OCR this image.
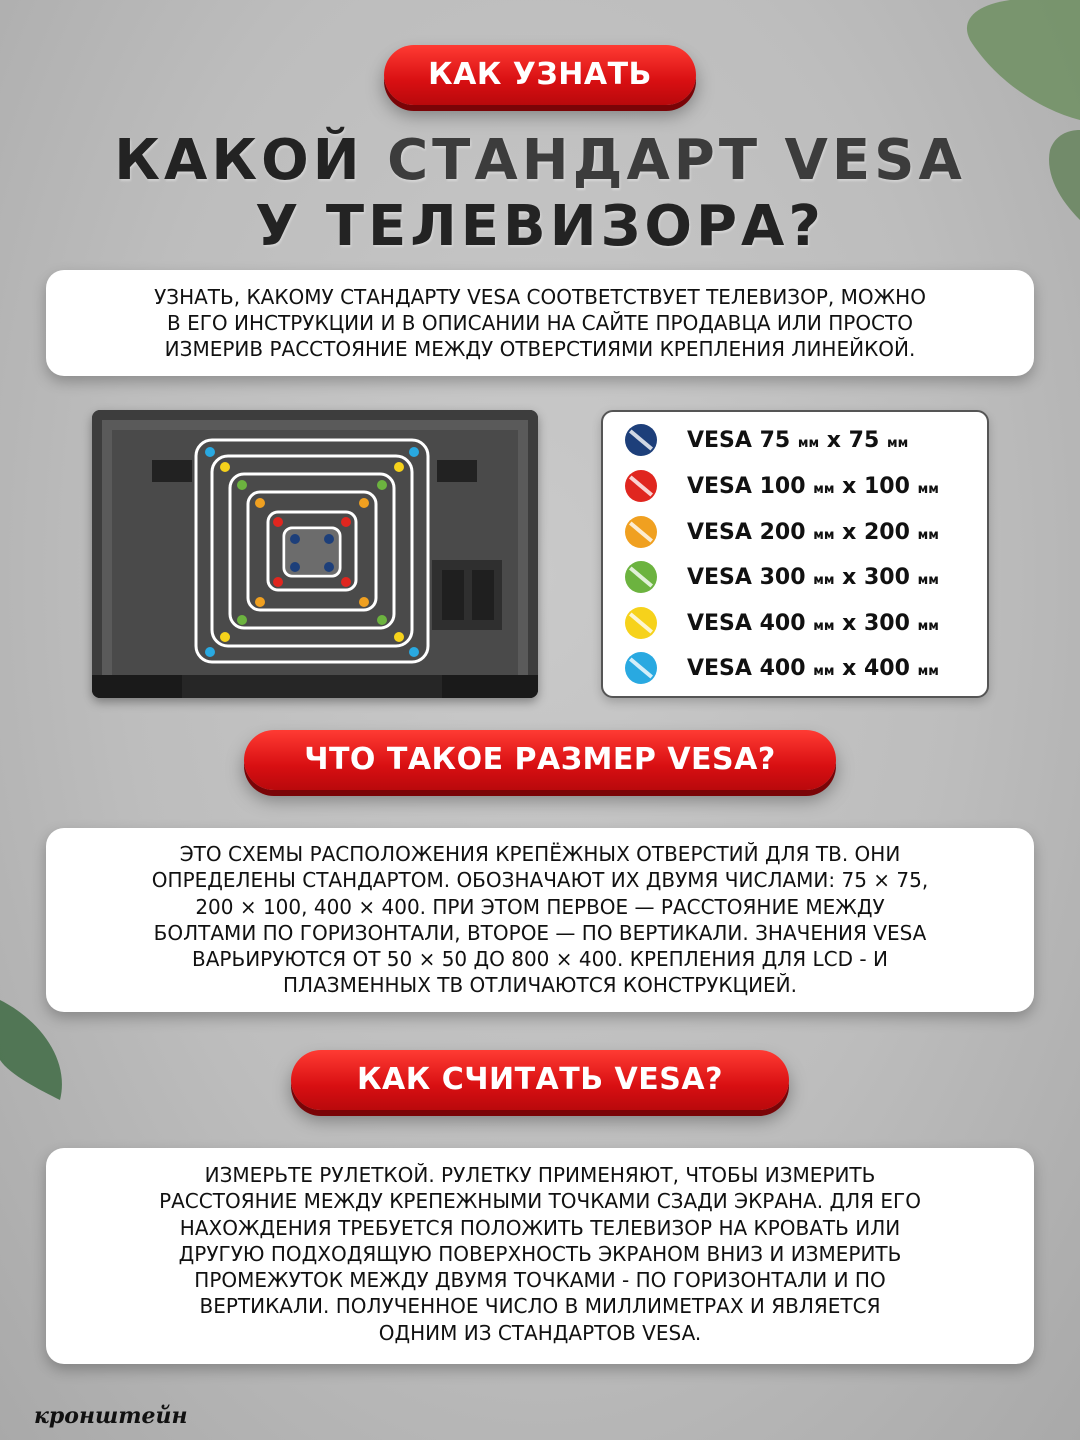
КАК УЗНАТЬ
КАКОЙ СТАНДАРТ VESA
У ТЕЛЕВИЗОРА?

УЗНАТЬ, КАКОМУ СТАНДАРТУ VESA СООТВЕТСТВУЕТ ТЕЛЕВИЗОР, МОЖНО

В ЕГО ИНСТРУКЦИИ И В ОПИСАНИИ НА САЙТЕ ПРОДАВЦА ИЛИ ПРОСТО

ИЗМЕРИВ РАССТОЯНИЕ МЕЖДУ ОТВЕРСТИЯМИ КРЕПЛЕНИЯ ЛИНЕЙКОЙ.

VESA 75 мм x 75 мм
VESA 100 мм x 100 мм
VESA 200 мм x 200 мм
VESA 300 мм x 300 мм
VESA 400 мм x 300 мм
VESA 400 мм x 400 мм
ЧТО ТАКОЕ РАЗМЕР VESA?

ЭТО СХЕМЫ РАСПОЛОЖЕНИЯ КРЕПЁЖНЫХ ОТВЕРСТИЙ ДЛЯ ТВ. ОНИ

ОПРЕДЕЛЕНЫ СТАНДАРТОМ. ОБОЗНАЧАЮТ ИХ ДВУМЯ ЧИСЛАМИ: 75 × 75,

200 × 100, 400 × 400. ПРИ ЭТОМ ПЕРВОЕ — РАССТОЯНИЕ МЕЖДУ

БОЛТАМИ ПО ГОРИЗОНТАЛИ, ВТОРОЕ — ПО ВЕРТИКАЛИ. ЗНАЧЕНИЯ VESA

ВАРЬИРУЮТСЯ ОТ 50 × 50 ДО 800 × 400. КРЕПЛЕНИЯ ДЛЯ LCD - И

ПЛАЗМЕННЫХ ТВ ОТЛИЧАЮТСЯ КОНСТРУКЦИЕЙ.

КАК СЧИТАТЬ VESA?

ИЗМЕРЬТЕ РУЛЕТКОЙ. РУЛЕТКУ ПРИМЕНЯЮТ, ЧТОБЫ ИЗМЕРИТЬ

РАССТОЯНИЕ МЕЖДУ КРЕПЕЖНЫМИ ТОЧКАМИ СЗАДИ ЭКРАНА. ДЛЯ ЕГО

НАХОЖДЕНИЯ ТРЕБУЕТСЯ ПОЛОЖИТЬ ТЕЛЕВИЗОР НА КРОВАТЬ ИЛИ

ДРУГУЮ ПОДХОДЯЩУЮ ПОВЕРХНОСТЬ ЭКРАНОМ ВНИЗ И ИЗМЕРИТЬ

ПРОМЕЖУТОК МЕЖДУ ДВУМЯ ТОЧКАМИ - ПО ГОРИЗОНТАЛИ И ПО

ВЕРТИКАЛИ. ПОЛУЧЕННОЕ ЧИСЛО В МИЛЛИМЕТРАХ И ЯВЛЯЕТСЯ

ОДНИМ ИЗ СТАНДАРТОВ VESA.

кронштейн
